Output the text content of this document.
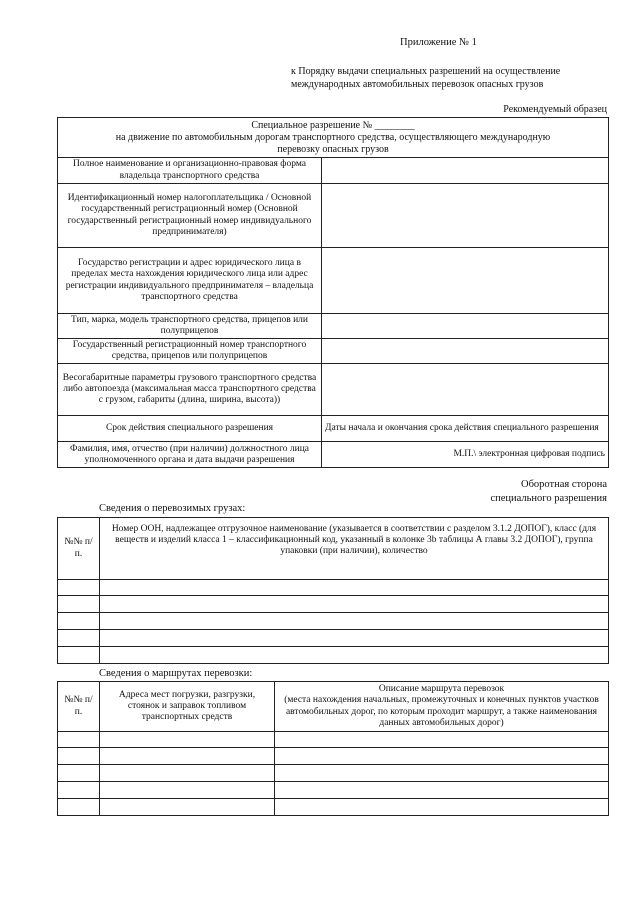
Приложение № 1
к Порядку выдачи специальных разрешений на осуществление
международных автомобильных перевозок опасных грузов
Рекомендуемый образец
Специальное разрешение № ________
на движение по автомобильным дорогам транспортного средства, осуществляющего международную
перевозку опасных грузов	

Полное наименование и организационно-правовая форма владельца транспортного средства	
Идентификационный номер налогоплательщика / Основной государственный регистрационный номер (Основной государственный регистрационный номер индивидуального предпринимателя)	
Государство регистрации и адрес юридического лица в пределах места нахождения юридического лица или адрес регистрации индивидуального предпринимателя – владельца транспортного средства	
Тип, марка, модель транспортного средства, прицепов или полуприцепов	
Государственный регистрационный номер транспортного средства, прицепов или полуприцепов	
Весогабаритные параметры грузового транспортного средства либо автопоезда (максимальная масса транспортного средства с грузом, габариты (длина, ширина, высота))	
Срок действия специального разрешения	Даты начала и окончания срока действия специального разрешения
Фамилия, имя, отчество (при наличии) должностного лица уполномоченного органа и дата выдачи разрешения	М.П.\ электронная цифровая подпись
Оборотная сторона
специального разрешения
Сведения о перевозимых грузах:
№№ п/п.	Номер ООН, надлежащее отгрузочное наименование (указывается в соответствии с разделом 3.1.2 ДОПОГ), класс (для веществ и изделий класса 1 – классификационный код, указанный в колонке 3b таблицы А главы 3.2 ДОПОГ), группа упаковки (при наличии), количество

Сведения о маршрутах перевозки:
№№ п/п.	Адреса мест погрузки, разгрузки, стоянок и заправок топливом транспортных средств	Описание маршрута перевозок
(места нахождения начальных, промежуточных и конечных пунктов участков автомобильных дорог, по которым проходит маршрут, а также наименования данных автомобильных дорог)
